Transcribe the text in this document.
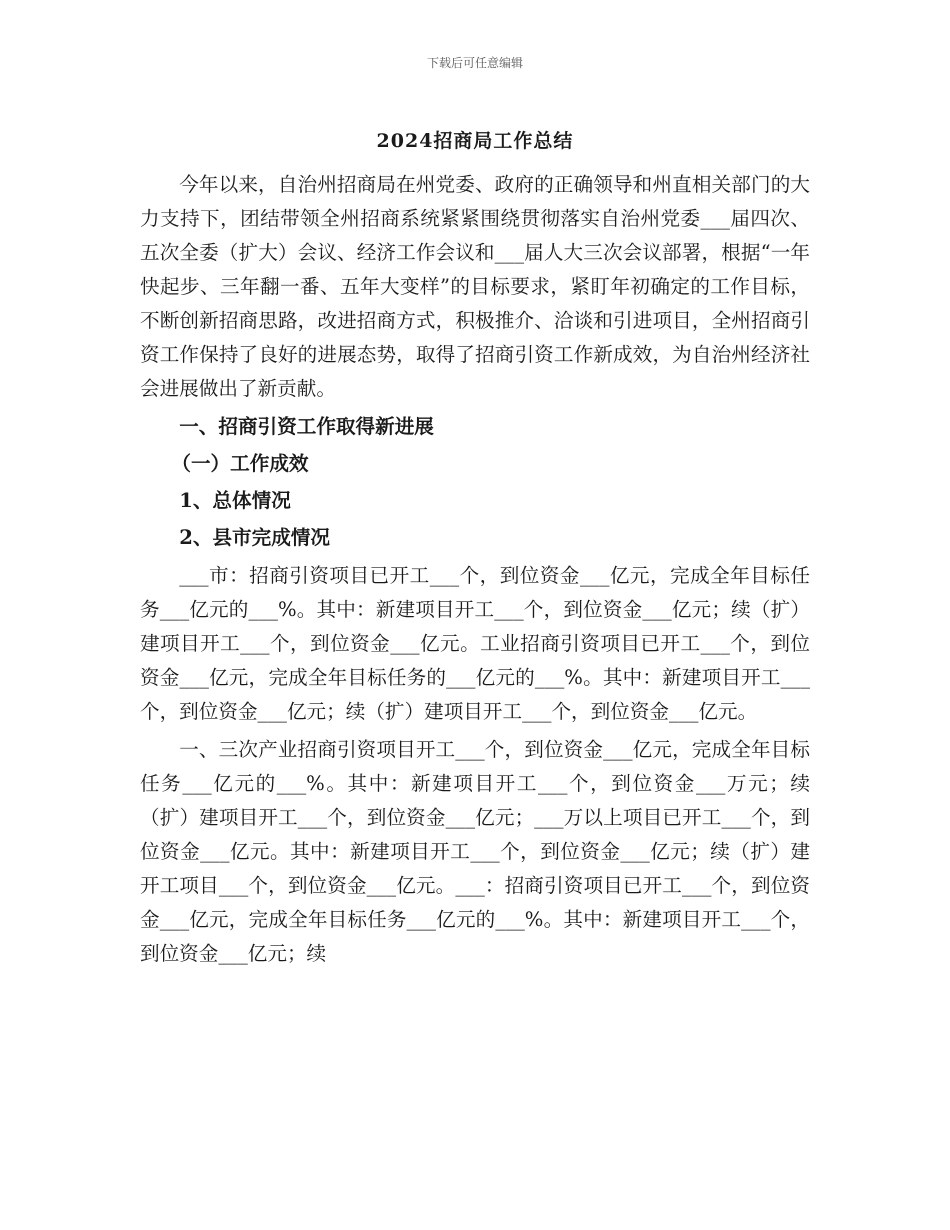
下载后可任意编辑
2024招商局工作总结

今年以来，自治州招商局在州党委、政府的正确领导和州直相关部门的大力支持下，团结带领全州招商系统紧紧围绕贯彻落实自治州党委___届四次、五次全委（扩大）会议、经济工作会议和___届人大三次会议部署，根据“一年快起步、三年翻一番、五年大变样”的目标要求，紧盯年初确定的工作目标，不断创新招商思路，改进招商方式，积极推介、洽谈和引进项目，全州招商引资工作保持了良好的进展态势，取得了招商引资工作新成效，为自治州经济社会进展做出了新贡献。

一、招商引资工作取得新进展

（一）工作成效

1、总体情况

2、县市完成情况

___市：招商引资项目已开工___个，到位资金___亿元，完成全年目标任务___亿元的___%。其中：新建项目开工___个，到位资金___亿元；续（扩）建项目开工___个，到位资金___亿元。工业招商引资项目已开工___个，到位资金___亿元，完成全年目标任务的___亿元的___%。其中：新建项目开工___个，到位资金___亿元；续（扩）建项目开工___个，到位资金___亿元。

一、三次产业招商引资项目开工___个，到位资金___亿元，完成全年目标任务___亿元的___%。其中：新建项目开工___个，到位资金___万元；续（扩）建项目开工___个，到位资金___亿元；___万以上项目已开工___个，到位资金___亿元。其中：新建项目开工___个，到位资金___亿元；续（扩）建开工项目___个，到位资金___亿元。___：招商引资项目已开工___个，到位资金___亿元，完成全年目标任务___亿元的___%。其中：新建项目开工___个，到位资金___亿元；续
